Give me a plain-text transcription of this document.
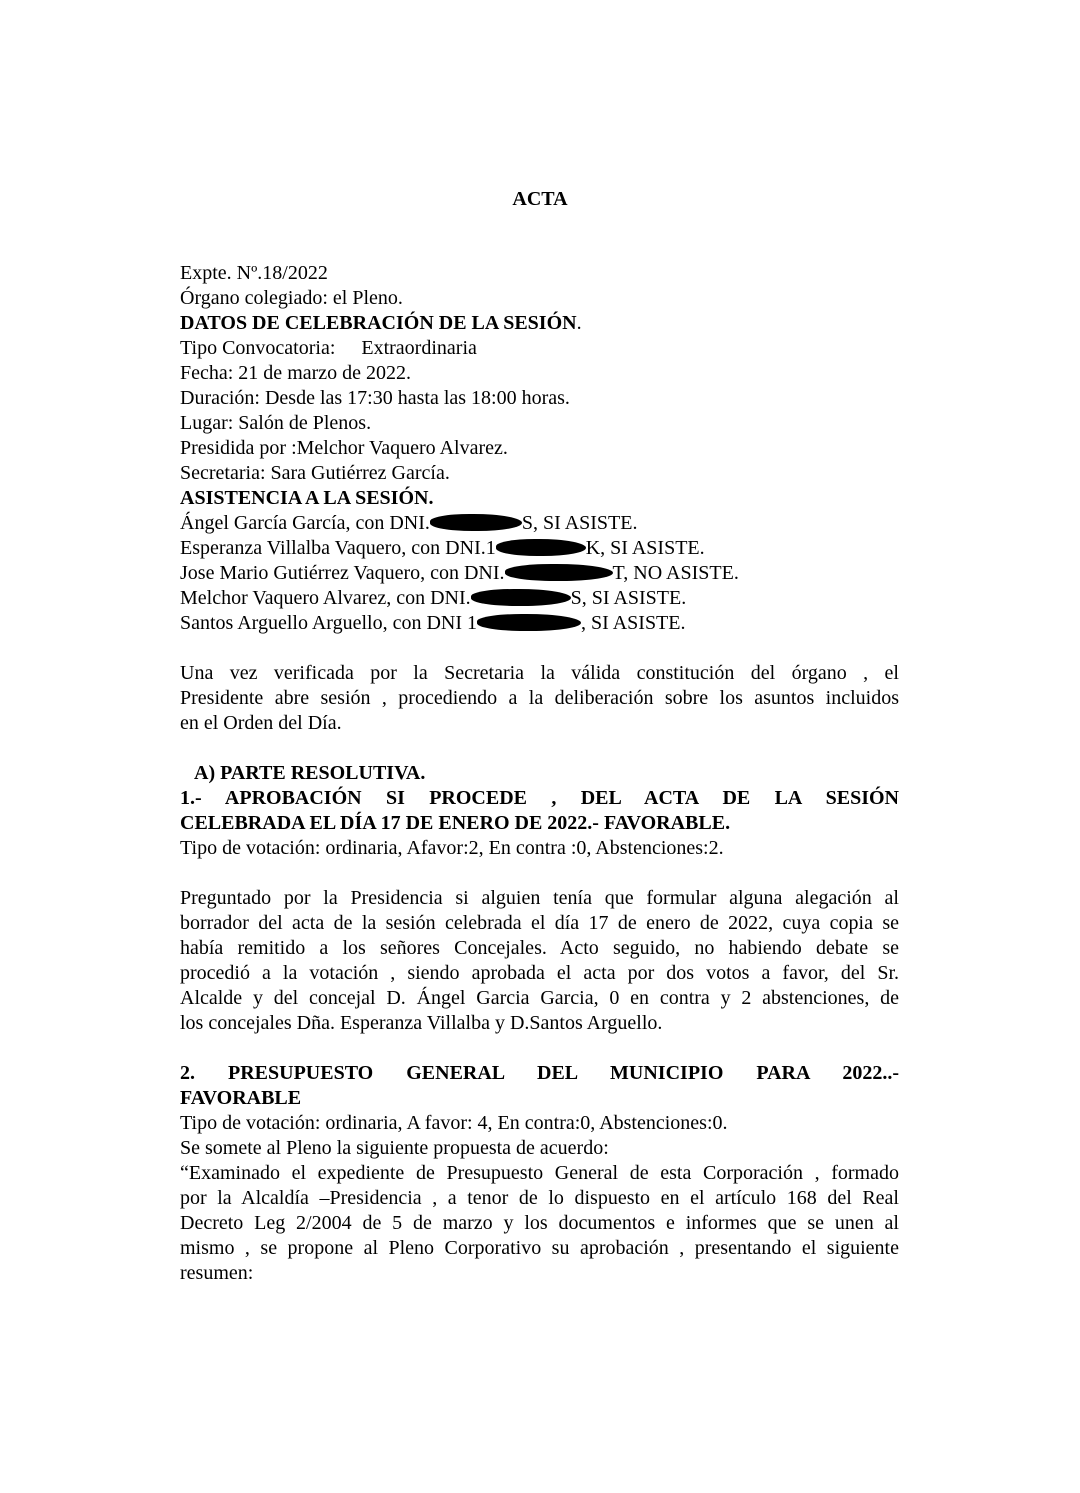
ACTA
Expte. Nº.18/2022
Órgano colegiado: el Pleno.
DATOS DE CELEBRACIÓN DE LA SESIÓN.
Tipo Convocatoria: Extraordinaria
Fecha: 21 de marzo de 2022.
Duración: Desde las 17:30 hasta las 18:00 horas.
Lugar: Salón de Plenos.
Presidida por :Melchor Vaquero Alvarez.
Secretaria: Sara Gutiérrez García.
ASISTENCIA A LA SESIÓN.
Ángel García García, con DNI.	S, SI ASISTE.
Esperanza Villalba Vaquero, con DNI.1	K, SI ASISTE.
Jose Mario Gutiérrez Vaquero, con DNI.	T, NO ASISTE.
Melchor Vaquero Alvarez, con DNI.	S, SI ASISTE.
Santos Arguello Arguello, con DNI 1	, SI ASISTE.
Una vez verificada por la Secretaria la válida constitución del órgano , el
Presidente abre sesión , procediendo a la deliberación sobre los asuntos incluidos
en el Orden del Día.
A) PARTE RESOLUTIVA.
1.- APROBACIÓN SI PROCEDE , DEL ACTA DE LA SESIÓN
CELEBRADA EL DÍA 17 DE ENERO DE 2022.- FAVORABLE.
Tipo de votación: ordinaria, Afavor:2, En contra :0, Abstenciones:2.
Preguntado por la Presidencia si alguien tenía que formular alguna alegación al
borrador del acta de la sesión celebrada el día 17 de enero de 2022, cuya copia se
había remitido a los señores Concejales. Acto seguido, no habiendo debate se
procedió a la votación , siendo aprobada el acta por dos votos a favor, del Sr.
Alcalde y del concejal D. Ángel Garcia Garcia, 0 en contra y 2 abstenciones, de
los concejales Dña. Esperanza Villalba y D.Santos Arguello.
2. PRESUPUESTO GENERAL DEL MUNICIPIO PARA 2022..-
FAVORABLE
Tipo de votación: ordinaria, A favor: 4, En contra:0, Abstenciones:0.
Se somete al Pleno la siguiente propuesta de acuerdo:
“Examinado el expediente de Presupuesto General de esta Corporación , formado
por la Alcaldía –Presidencia , a tenor de lo dispuesto en el artículo 168 del Real
Decreto Leg 2/2004 de 5 de marzo y los documentos e informes que se unen al
mismo , se propone al Pleno Corporativo su aprobación , presentando el siguiente
resumen:
